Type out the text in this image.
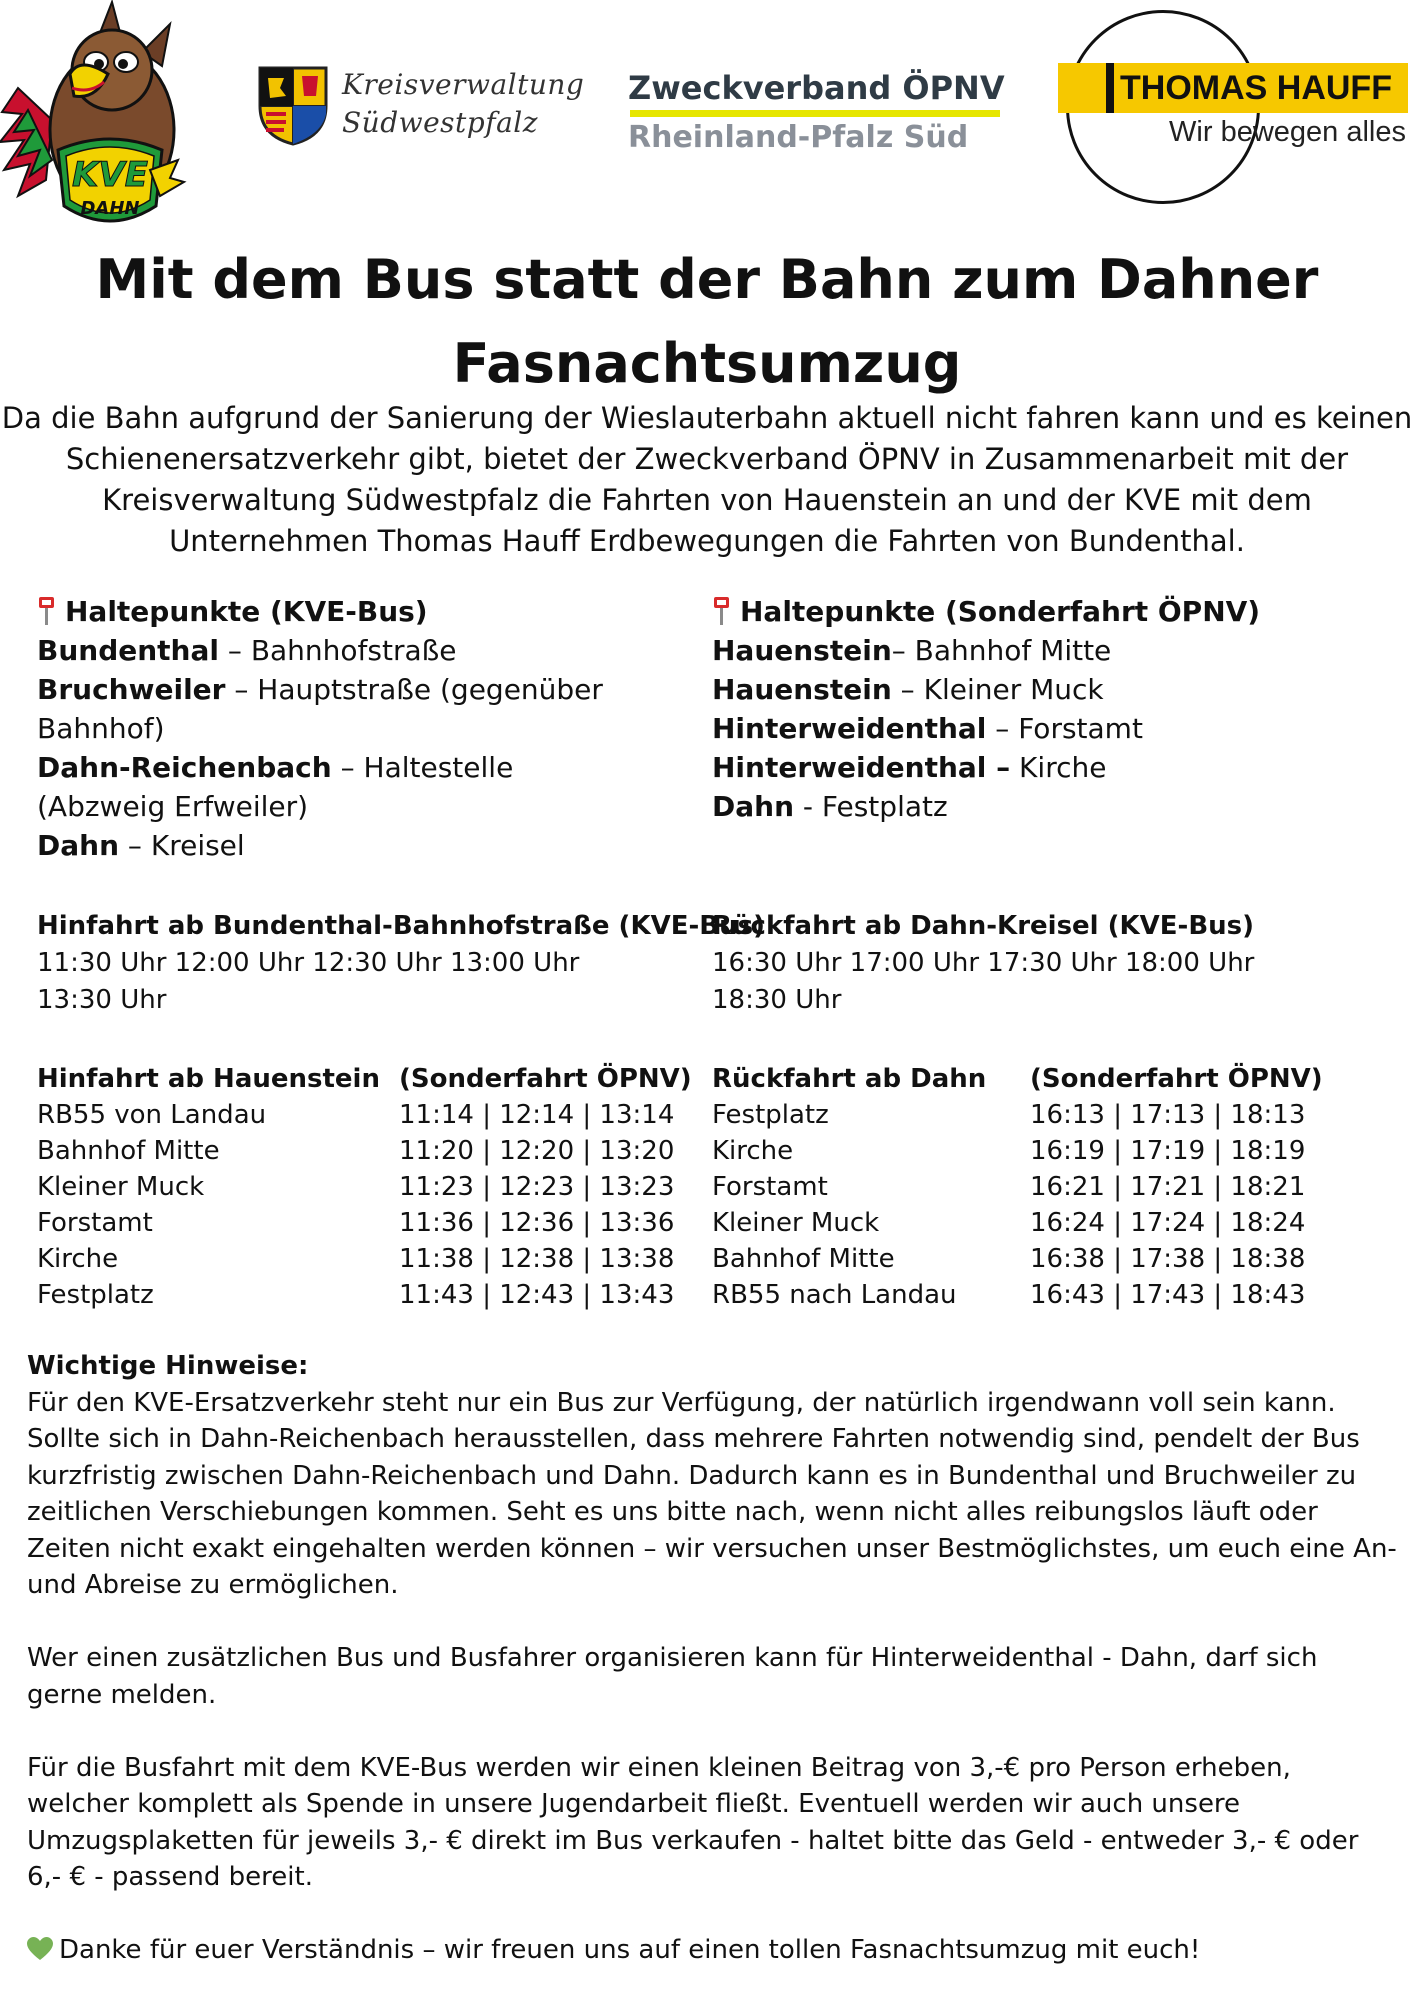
KVE
DAHN
Kreisverwaltung
Südwestpfalz
Zweckverband ÖPNV
Rheinland-Pfalz Süd
THOMAS HAUFF
Wir bewegen alles
Mit dem Bus statt der Bahn zum Dahner Fasnachtsumzug

Da die Bahn aufgrund der Sanierung der Wieslauterbahn aktuell nicht fahren kann und es keinen Schienenersatzverkehr gibt, bietet der Zweckverband ÖPNV in Zusammenarbeit mit der Kreisverwaltung Südwestpfalz die Fahrten von Hauenstein an und der KVE mit dem Unternehmen Thomas Hauff Erdbewegungen die Fahrten von Bundenthal.

Haltepunkte (KVE-Bus)
Bundenthal – Bahnhofstraße
Bruchweiler – Hauptstraße (gegenüber Bahnhof)
Dahn-Reichenbach – Haltestelle (Abzweig Erfweiler)
Dahn – Kreisel
Haltepunkte (Sonderfahrt ÖPNV)
Hauenstein– Bahnhof Mitte
Hauenstein – Kleiner Muck
Hinterweidenthal – Forstamt
Hinterweidenthal – Kirche
Dahn - Festplatz
Hinfahrt ab Bundenthal-Bahnhofstraße (KVE-Bus)
11:30 Uhr 12:00 Uhr 12:30 Uhr 13:00 Uhr 13:30 Uhr
Rückfahrt ab Dahn-Kreisel (KVE-Bus)
16:30 Uhr 17:00 Uhr 17:30 Uhr 18:00 Uhr 18:30 Uhr
Hinfahrt ab Hauenstein	(Sonderfahrt ÖPNV)
RB55 von Landau	11:14 | 12:14 | 13:14
Bahnhof Mitte	11:20 | 12:20 | 13:20
Kleiner Muck	11:23 | 12:23 | 13:23
Forstamt	11:36 | 12:36 | 13:36
Kirche	11:38 | 12:38 | 13:38
Festplatz	11:43 | 12:43 | 13:43
Rückfahrt ab Dahn	(Sonderfahrt ÖPNV)
Festplatz	16:13 | 17:13 | 18:13
Kirche	16:19 | 17:19 | 18:19
Forstamt	16:21 | 17:21 | 18:21
Kleiner Muck	16:24 | 17:24 | 18:24
Bahnhof Mitte	16:38 | 17:38 | 18:38
RB55 nach Landau	16:43 | 17:43 | 18:43

Wichtige Hinweise:

Für den KVE-Ersatzverkehr steht nur ein Bus zur Verfügung, der natürlich irgendwann voll sein kann. Sollte sich in Dahn-Reichenbach herausstellen, dass mehrere Fahrten notwendig sind, pendelt der Bus kurzfristig zwischen Dahn-Reichenbach und Dahn. Dadurch kann es in Bundenthal und Bruchweiler zu zeitlichen Verschiebungen kommen. Seht es uns bitte nach, wenn nicht alles reibungslos läuft oder Zeiten nicht exakt eingehalten werden können – wir versuchen unser Bestmöglichstes, um euch eine An- und Abreise zu ermöglichen.

Wer einen zusätzlichen Bus und Busfahrer organisieren kann für Hinterweidenthal - Dahn, darf sich gerne melden.

Für die Busfahrt mit dem KVE-Bus werden wir einen kleinen Beitrag von 3,-€ pro Person erheben, welcher komplett als Spende in unsere Jugendarbeit fließt. Eventuell werden wir auch unsere Umzugsplaketten für jeweils 3,- € direkt im Bus verkaufen - haltet bitte das Geld - entweder 3,- € oder 6,- € - passend bereit.

Danke für euer Verständnis – wir freuen uns auf einen tollen Fasnachtsumzug mit euch!
